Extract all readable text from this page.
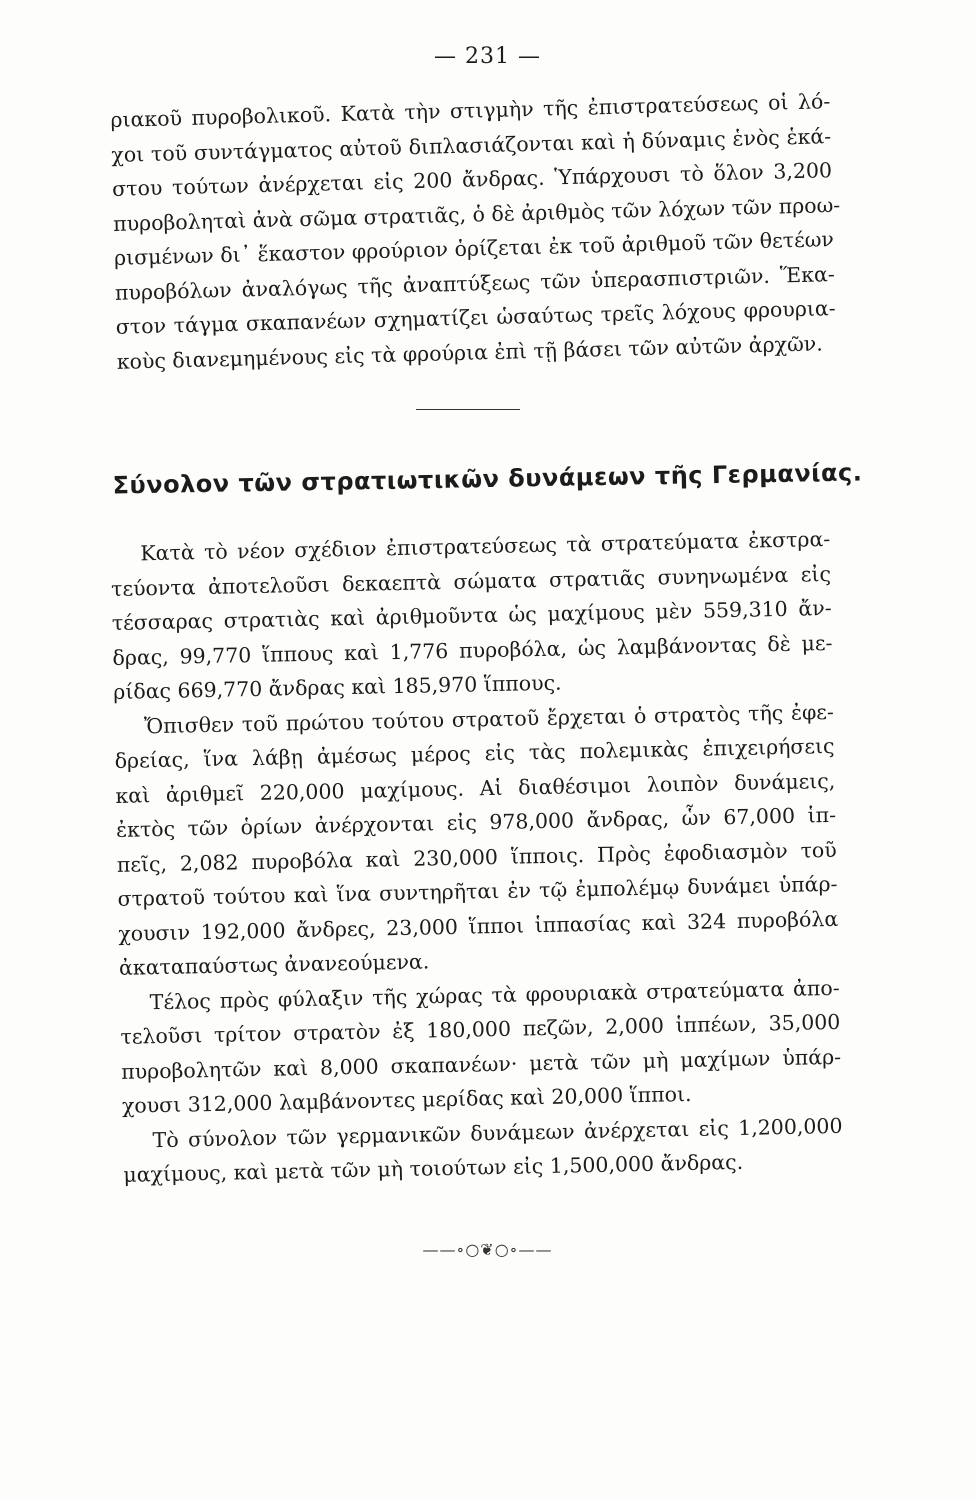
— 231 —
ριακοῦ πυροβολικοῦ. Κατὰ τὴν στιγμὴν τῆς ἐπιστρατεύσεως οἱ λό-
χοι τοῦ συντάγματος αὐτοῦ διπλασιάζονται καὶ ἡ δύναμις ἑνὸς ἑκά-
στου τούτων ἀνέρχεται εἰς 200 ἄνδρας. Ὑπάρχουσι τὸ ὅλον 3,200
πυροβοληταὶ ἀνὰ σῶμα στρατιᾶς, ὁ δὲ ἀριθμὸς τῶν λόχων τῶν προω-
ρισμένων δι᾽ ἕκαστον φρούριον ὁρίζεται ἐκ τοῦ ἀριθμοῦ τῶν θετέων
πυροβόλων ἀναλόγως τῆς ἀναπτύξεως τῶν ὑπερασπιστριῶν. Ἕκα-
στον τάγμα σκαπανέων σχηματίζει ὡσαύτως τρεῖς λόχους φρουρια-
κοὺς διανεμημένους εἰς τὰ φρούρια ἐπὶ τῇ βάσει τῶν αὐτῶν ἀρχῶν.
Σύνολον τῶν στρατιωτικῶν δυνάμεων τῆς Γερμανίας.
Κατὰ τὸ νέον σχέδιον ἐπιστρατεύσεως τὰ στρατεύματα ἐκστρα-
τεύοντα ἀποτελοῦσι δεκαεπτὰ σώματα στρατιᾶς συνηνωμένα εἰς
τέσσαρας στρατιὰς καὶ ἀριθμοῦντα ὡς μαχίμους μὲν 559,310 ἄν-
δρας, 99,770 ἵππους καὶ 1,776 πυροβόλα, ὡς λαμβάνοντας δὲ με-
ρίδας 669,770 ἄνδρας καὶ 185,970 ἵππους.
Ὄπισθεν τοῦ πρώτου τούτου στρατοῦ ἔρχεται ὁ στρατὸς τῆς ἐφε-
δρείας, ἵνα λάβῃ ἀμέσως μέρος εἰς τὰς πολεμικὰς ἐπιχειρήσεις
καὶ ἀριθμεῖ 220,000 μαχίμους. Αἱ διαθέσιμοι λοιπὸν δυνάμεις,
ἐκτὸς τῶν ὁρίων ἀνέρχονται εἰς 978,000 ἄνδρας, ὧν 67,000 ἱπ-
πεῖς, 2,082 πυροβόλα καὶ 230,000 ἵπποις. Πρὸς ἐφοδιασμὸν τοῦ
στρατοῦ τούτου καὶ ἵνα συντηρῆται ἐν τῷ ἐμπολέμῳ δυνάμει ὑπάρ-
χουσιν 192,000 ἄνδρες, 23,000 ἵπποι ἱππασίας καὶ 324 πυροβόλα
ἀκαταπαύστως ἀνανεούμενα.
Τέλος πρὸς φύλαξιν τῆς χώρας τὰ φρουριακὰ στρατεύματα ἀπο-
τελοῦσι τρίτον στρατὸν ἐξ 180,000 πεζῶν, 2,000 ἱππέων, 35,000
πυροβολητῶν καὶ 8,000 σκαπανέων· μετὰ τῶν μὴ μαχίμων ὑπάρ-
χουσι 312,000 λαμβάνοντες μερίδας καὶ 20,000 ἵπποι.
Τὸ σύνολον τῶν γερμανικῶν δυνάμεων ἀνέρχεται εἰς 1,200,000
μαχίμους, καὶ μετὰ τῶν μὴ τοιούτων εἰς 1,500,000 ἄνδρας.
——∘○❦○∘——
